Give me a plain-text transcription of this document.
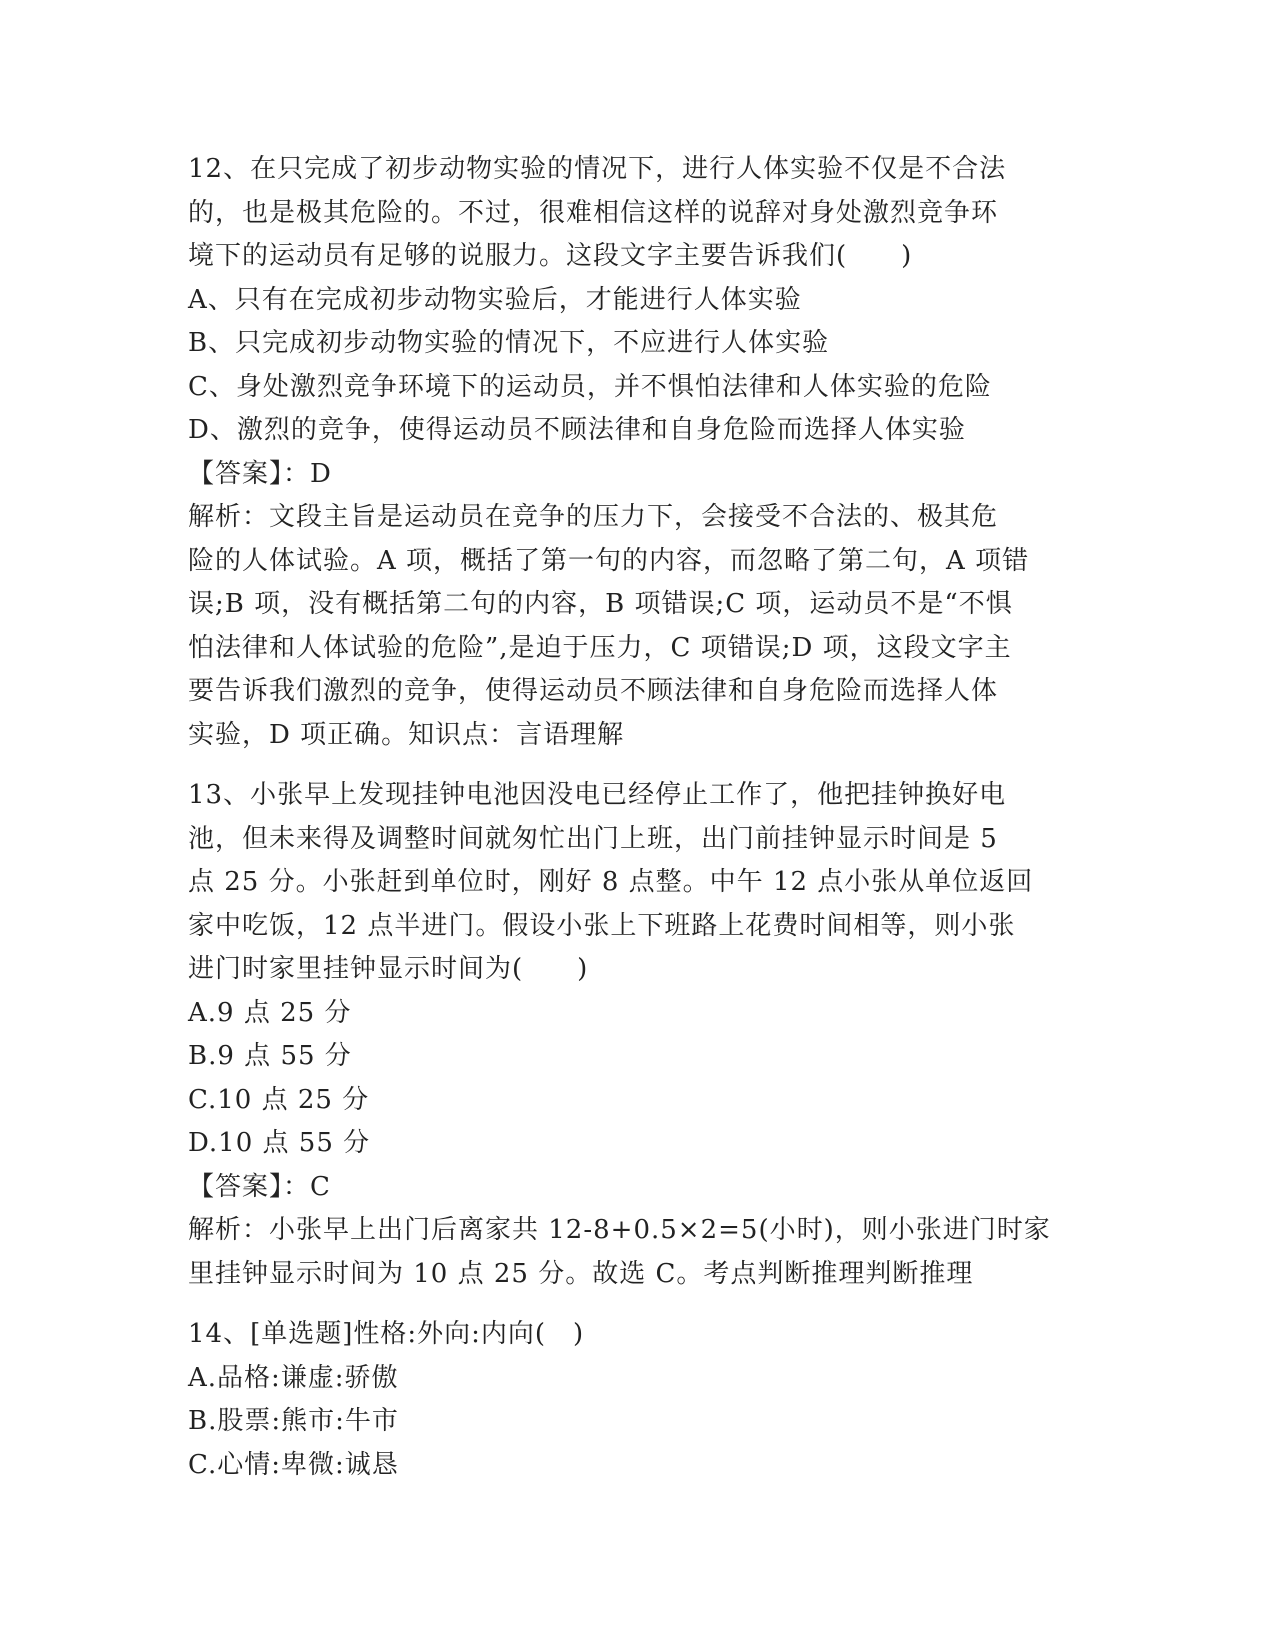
12、在只完成了初步动物实验的情况下，进行人体实验不仅是不合法
的，也是极其危险的。不过，很难相信这样的说辞对身处激烈竞争环
境下的运动员有足够的说服力。这段文字主要告诉我们(　　)
A、只有在完成初步动物实验后，才能进行人体实验
B、只完成初步动物实验的情况下，不应进行人体实验
C、身处激烈竞争环境下的运动员，并不惧怕法律和人体实验的危险
D、激烈的竞争，使得运动员不顾法律和自身危险而选择人体实验
【答案】：D
解析：文段主旨是运动员在竞争的压力下，会接受不合法的、极其危
险的人体试验。A 项，概括了第一句的内容，而忽略了第二句，A 项错
误;B 项，没有概括第二句的内容，B 项错误;C 项，运动员不是“不惧
怕法律和人体试验的危险”,是迫于压力，C 项错误;D 项，这段文字主
要告诉我们激烈的竞争，使得运动员不顾法律和自身危险而选择人体
实验，D 项正确。知识点：言语理解
13、小张早上发现挂钟电池因没电已经停止工作了，他把挂钟换好电
池，但未来得及调整时间就匆忙出门上班，出门前挂钟显示时间是 5
点 25 分。小张赶到单位时，刚好 8 点整。中午 12 点小张从单位返回
家中吃饭，12 点半进门。假设小张上下班路上花费时间相等，则小张
进门时家里挂钟显示时间为(　　)
A.9 点 25 分
B.9 点 55 分
C.10 点 25 分
D.10 点 55 分
【答案】：C
解析：小张早上出门后离家共 12-8+0.5×2=5(小时)，则小张进门时家
里挂钟显示时间为 10 点 25 分。故选 C。考点判断推理判断推理
14、[单选题]性格:外向:内向(　)
A.品格:谦虚:骄傲
B.股票:熊市:牛市
C.心情:卑微:诚恳
